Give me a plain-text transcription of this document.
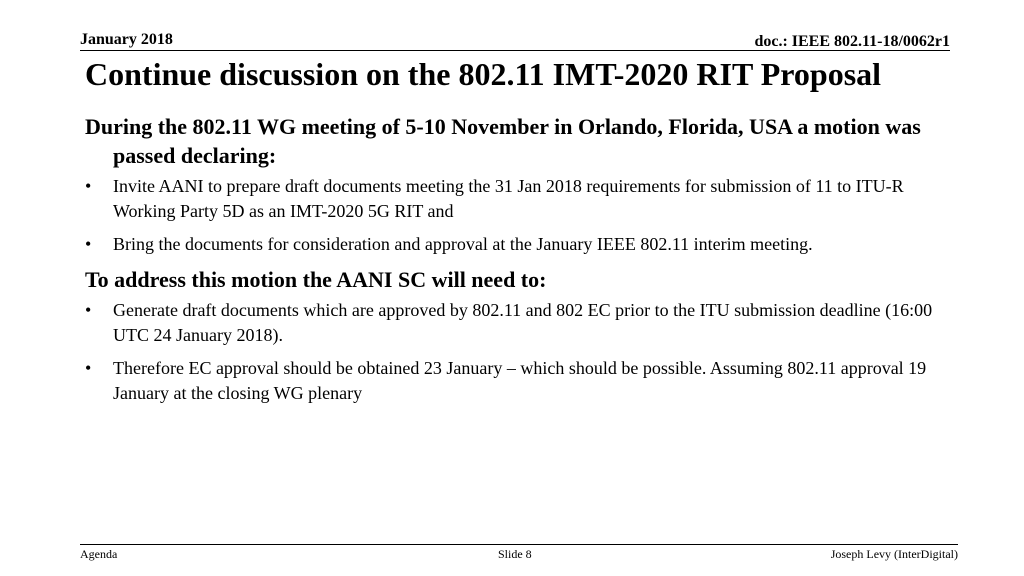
January 2018	doc.: IEEE 802.11-18/0062r1
Continue discussion on the 802.11 IMT-2020 RIT Proposal

During the 802.11 WG meeting of 5-10 November in Orlando, Florida, USA a motion was passed declaring:

•	Invite AANI to prepare draft documents meeting the 31 Jan 2018 requirements for submission of 11 to ITU-R Working Party 5D as an IMT-2020 5G RIT and
•	Bring the documents for consideration and approval at the January IEEE 802.11 interim meeting.

To address this motion the AANI SC will need to:

•	Generate draft documents which are approved by 802.11 and 802 EC prior to the ITU submission deadline (16:00 UTC 24 January 2018).
•	Therefore EC approval should be obtained 23 January – which should be possible. Assuming 802.11 approval 19 January at the closing WG plenary
Agenda	Slide 8	Joseph Levy (InterDigital)
